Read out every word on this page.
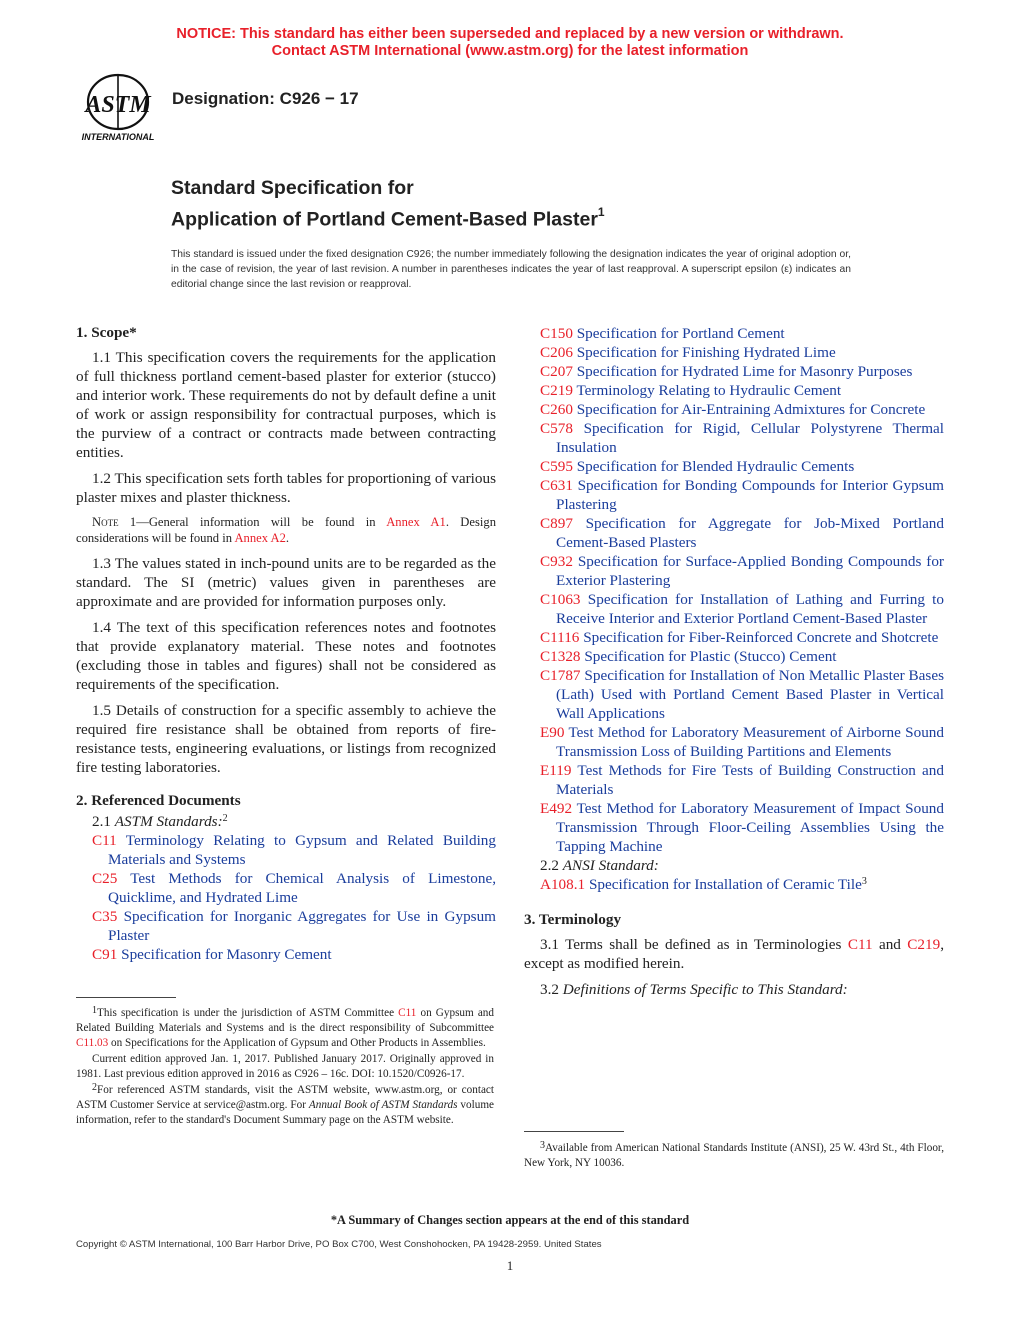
NOTICE: This standard has either been superseded and replaced by a new version or withdrawn.
Contact ASTM International (www.astm.org) for the latest information
ASTM
INTERNATIONAL
Designation: C926 − 17
Standard Specification for
Application of Portland Cement-Based Plaster$^1$
This standard is issued under the fixed designation C926; the number immediately following the designation indicates the year of original adoption or, in the case of revision, the year of last revision. A number in parentheses indicates the year of last reapproval. A superscript epsilon (ε) indicates an editorial change since the last revision or reapproval.
1. Scope*

1.1 This specification covers the requirements for the application of full thickness portland cement-based plaster for exterior (stucco) and interior work. These requirements do not by default define a unit of work or assign responsibility for contractual purposes, which is the purview of a contract or contracts made between contracting entities.

1.2 This specification sets forth tables for proportioning of various plaster mixes and plaster thickness.

Note 1—General information will be found in Annex A1. Design considerations will be found in Annex A2.

1.3 The values stated in inch-pound units are to be regarded as the standard. The SI (metric) values given in parentheses are approximate and are provided for information purposes only.

1.4 The text of this specification references notes and footnotes that provide explanatory material. These notes and footnotes (excluding those in tables and figures) shall not be considered as requirements of the specification.

1.5 Details of construction for a specific assembly to achieve the required fire resistance shall be obtained from reports of fire-resistance tests, engineering evaluations, or listings from recognized fire testing laboratories.

2. Referenced Documents

2.1 ASTM Standards:$^2$

C11 Terminology Relating to Gypsum and Related Building Materials and Systems

C25 Test Methods for Chemical Analysis of Limestone, Quicklime, and Hydrated Lime

C35 Specification for Inorganic Aggregates for Use in Gypsum Plaster

C91 Specification for Masonry Cement

C150 Specification for Portland Cement

C206 Specification for Finishing Hydrated Lime

C207 Specification for Hydrated Lime for Masonry Purposes

C219 Terminology Relating to Hydraulic Cement

C260 Specification for Air-Entraining Admixtures for Concrete

C578 Specification for Rigid, Cellular Polystyrene Thermal Insulation

C595 Specification for Blended Hydraulic Cements

C631 Specification for Bonding Compounds for Interior Gypsum Plastering

C897 Specification for Aggregate for Job-Mixed Portland Cement-Based Plasters

C932 Specification for Surface-Applied Bonding Compounds for Exterior Plastering

C1063 Specification for Installation of Lathing and Furring to Receive Interior and Exterior Portland Cement-Based Plaster

C1116 Specification for Fiber-Reinforced Concrete and Shotcrete

C1328 Specification for Plastic (Stucco) Cement

C1787 Specification for Installation of Non Metallic Plaster Bases (Lath) Used with Portland Cement Based Plaster in Vertical Wall Applications

E90 Test Method for Laboratory Measurement of Airborne Sound Transmission Loss of Building Partitions and Elements

E119 Test Methods for Fire Tests of Building Construction and Materials

E492 Test Method for Laboratory Measurement of Impact Sound Transmission Through Floor-Ceiling Assemblies Using the Tapping Machine

2.2 ANSI Standard:

A108.1 Specification for Installation of Ceramic Tile$^3$

3. Terminology

3.1 Terms shall be defined as in Terminologies C11 and C219, except as modified herein.

3.2 Definitions of Terms Specific to This Standard:

1This specification is under the jurisdiction of ASTM Committee C11 on Gypsum and Related Building Materials and Systems and is the direct responsibility of Subcommittee C11.03 on Specifications for the Application of Gypsum and Other Products in Assemblies.

Current edition approved Jan. 1, 2017. Published January 2017. Originally approved in 1981. Last previous edition approved in 2016 as C926 – 16c. DOI: 10.1520/C0926-17.

2For referenced ASTM standards, visit the ASTM website, www.astm.org, or contact ASTM Customer Service at service@astm.org. For Annual Book of ASTM Standards volume information, refer to the standard's Document Summary page on the ASTM website.

3Available from American National Standards Institute (ANSI), 25 W. 43rd St., 4th Floor, New York, NY 10036.

*A Summary of Changes section appears at the end of this standard
Copyright © ASTM International, 100 Barr Harbor Drive, PO Box C700, West Conshohocken, PA 19428-2959. United States
1
